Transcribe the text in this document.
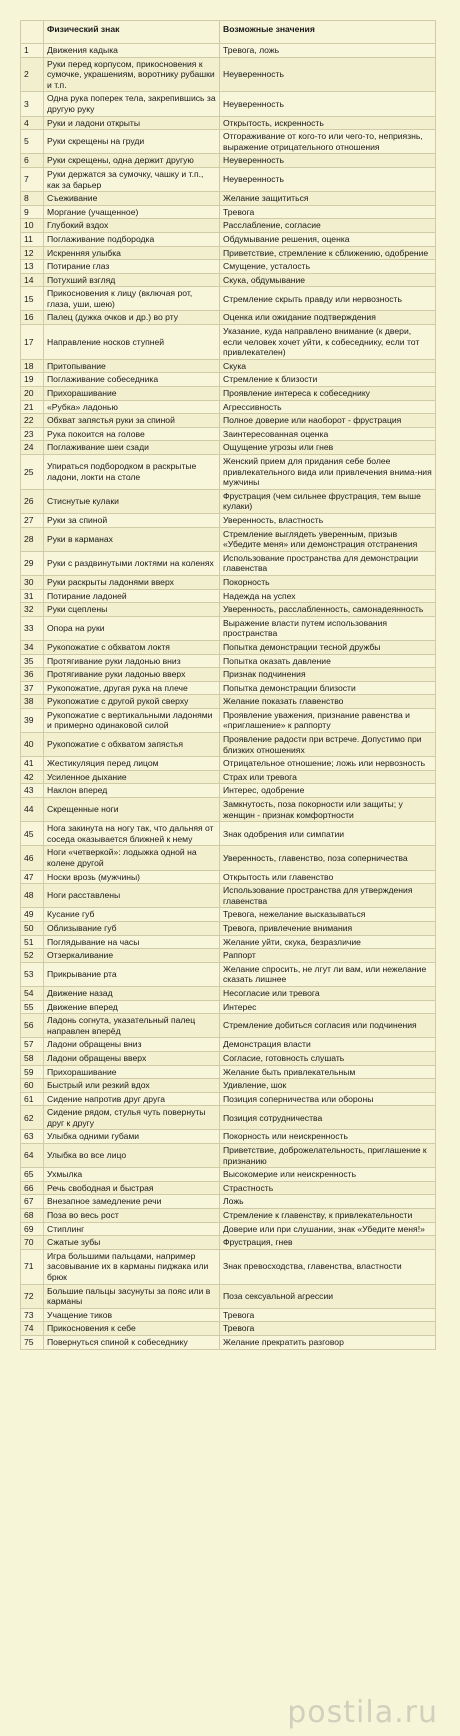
	Физический знак	Возможные значения
1	Движения кадыка	Тревога, ложь
2	Руки перед корпусом, прикосновения к сумочке, украшениям, воротнику рубашки и т.п.	Неуверенность
3	Одна рука поперек тела, закрепившись за другую руку	Неуверенность
4	Руки и ладони открыты	Открытость, искренность
5	Руки скрещены на груди	Отгораживание от кого-то или чего-то, неприязнь, выражение отрицательного отношения
6	Руки скрещены, одна держит другую	Неуверенность
7	Руки держатся за сумочку, чашку и т.п., как за барьер	Неуверенность
8	Съеживание	Желание защититься
9	Моргание (учащенное)	Тревога
10	Глубокий вздох	Расслабление, согласие
11	Поглаживание подбородка	Обдумывание решения, оценка
12	Искренняя улыбка	Приветствие, стремление к сближению, одобрение
13	Потирание глаз	Смущение, усталость
14	Потухший взгляд	Скука, обдумывание
15	Прикосновения к лицу (включая рот, глаза, уши, шею)	Стремление скрыть правду или нервозность
16	Палец (дужка очков и др.) во рту	Оценка или ожидание подтверждения
17	Направление носков ступней	Указание, куда направлено внимание (к двери, если человек хочет уйти, к собеседнику, если тот привлекателен)
18	Притопывание	Скука
19	Поглаживание собеседника	Стремление к близости
20	Прихорашивание	Проявление интереса к собеседнику
21	«Рубка» ладонью	Агрессивность
22	Обхват запястья руки за спиной	Полное доверие или наоборот - фрустрация
23	Рука покоится на голове	Заинтересованная оценка
24	Поглаживание шеи сзади	Ощущение угрозы или гнев
25	Упираться подбородком в раскрытые ладони, локти на столе	Женский прием для придания себе более привлекательного вида или привлечения внима-ния мужчины
26	Стиснутые кулаки	Фрустрация (чем сильнее фрустрация, тем выше кулаки)
27	Руки за спиной	Уверенность, властность
28	Руки в карманах	Стремление выглядеть уверенным, призыв «Убедите меня» или демонстрация отстранения
29	Руки с раздвинутыми локтями на коленях	Использование пространства для демонстрации главенства
30	Руки раскрыты ладонями вверх	Покорность
31	Потирание ладоней	Надежда на успех
32	Руки сцеплены	Уверенность, расслабленность, самонадеянность
33	Опора на руки	Выражение власти путем использования пространства
34	Рукопожатие с обхватом локтя	Попытка демонстрации тесной дружбы
35	Протягивание руки ладонью вниз	Попытка оказать давление
36	Протягивание руки ладонью вверх	Признак подчинения
37	Рукопожатие, другая рука на плече	Попытка демонстрации близости
38	Рукопожатие с другой рукой сверху	Желание показать главенство
39	Рукопожатие с вертикальными ладонями и примерно одинаковой силой	Проявление уважения, признание равенства и «приглашение» к раппорту
40	Рукопожатие с обхватом запястья	Проявление радости при встрече. Допустимо при близких отношениях
41	Жестикуляция перед лицом	Отрицательное отношение; ложь или нервозность
42	Усиленное дыхание	Страх или тревога
43	Наклон вперед	Интерес, одобрение
44	Скрещенные ноги	Замкнутость, поза покорности или защиты; у женщин - признак комфортности
45	Нога закинута на ногу так, что дальняя от соседа оказывается ближней к нему	Знак одобрения или симпатии
46	Ноги «четверкой»: лодыжка одной на колене другой	Уверенность, главенство, поза соперничества
47	Носки врозь (мужчины)	Открытость или главенство
48	Ноги расставлены	Использование пространства для утверждения главенства
49	Кусание губ	Тревога, нежелание высказываться
50	Облизывание губ	Тревога, привлечение внимания
51	Поглядывание на часы	Желание уйти, скука, безразличие
52	Отзеркаливание	Раппорт
53	Прикрывание рта	Желание спросить, не лгут ли вам, или нежелание сказать лишнее
54	Движение назад	Несогласие или тревога
55	Движение вперед	Интерес
56	Ладонь согнута, указательный палец направлен вперёд	Стремление добиться согласия или подчинения
57	Ладони обращены вниз	Демонстрация власти
58	Ладони обращены вверх	Согласие, готовность слушать
59	Прихорашивание	Желание быть привлекательным
60	Быстрый или резкий вдох	Удивление, шок
61	Сидение напротив друг друга	Позиция соперничества или обороны
62	Сидение рядом, стулья чуть повернуты друг к другу	Позиция сотрудничества
63	Улыбка одними губами	Покорность или неискренность
64	Улыбка во все лицо	Приветствие, доброжелательность, приглашение к признанию
65	Ухмылка	Высокомерие или неискренность
66	Речь свободная и быстрая	Страстность
67	Внезапное замедление речи	Ложь
68	Поза во весь рост	Стремление к главенству, к привлекательности
69	Стиплинг	Доверие или при слушании, знак «Убедите меня!»
70	Сжатые зубы	Фрустрация, гнев
71	Игра большими пальцами, например засовывание их в карманы пиджака или брюк	Знак превосходства, главенства, властности
72	Большие пальцы засунуты за пояс или в карманы	Поза сексуальной агрессии
73	Учащение тиков	Тревога
74	Прикосновения к себе	Тревога
75	Повернуться спиной к собеседнику	Желание прекратить разговор
postila.ru
